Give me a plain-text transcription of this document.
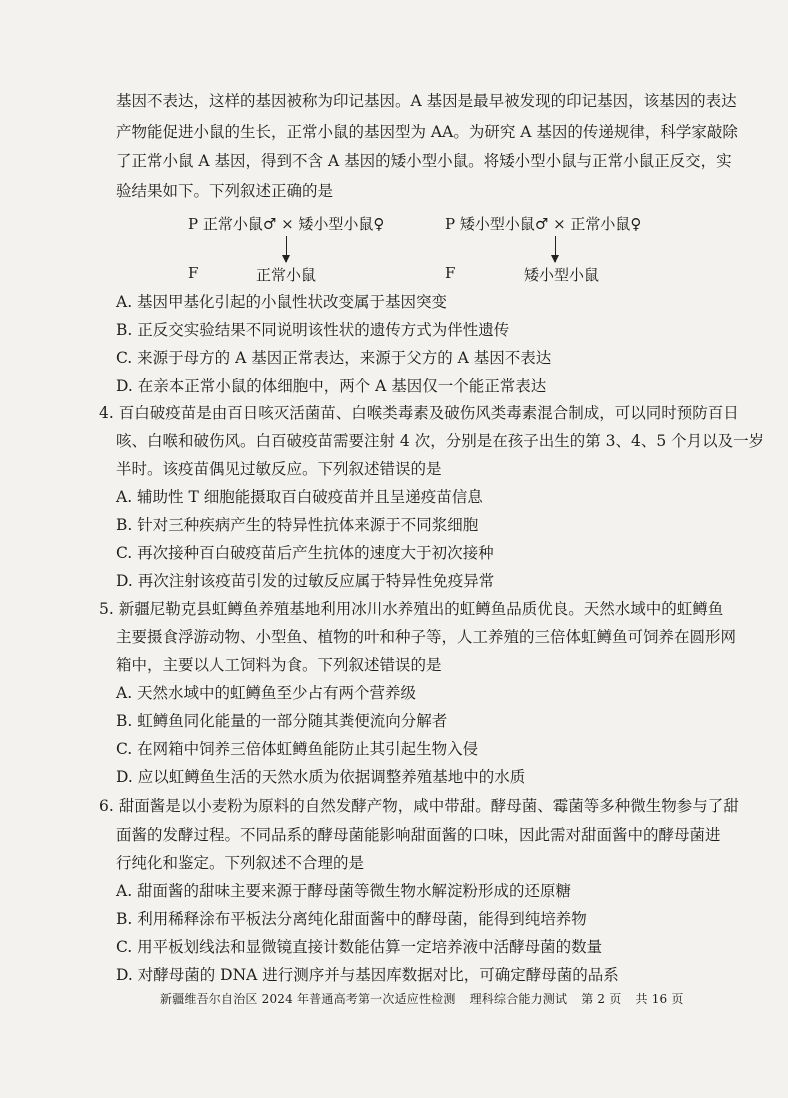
基因不表达，这样的基因被称为印记基因。A 基因是最早被发现的印记基因，该基因的表达
产物能促进小鼠的生长，正常小鼠的基因型为 AA。为研究 A 基因的传递规律，科学家敲除
了正常小鼠 A 基因，得到不含 A 基因的矮小型小鼠。将矮小型小鼠与正常小鼠正反交，实
验结果如下。下列叙述正确的是
P 正常小鼠♂ × 矮小型小鼠♀
F	正常小鼠
P 矮小型小鼠♂ × 正常小鼠♀
F	矮小型小鼠
A. 基因甲基化引起的小鼠性状改变属于基因突变
B. 正反交实验结果不同说明该性状的遗传方式为伴性遗传
C. 来源于母方的 A 基因正常表达，来源于父方的 A 基因不表达
D. 在亲本正常小鼠的体细胞中，两个 A 基因仅一个能正常表达
4. 百白破疫苗是由百日咳灭活菌苗、白喉类毒素及破伤风类毒素混合制成，可以同时预防百日
咳、白喉和破伤风。白百破疫苗需要注射 4 次，分别是在孩子出生的第 3、4、5 个月以及一岁
半时。该疫苗偶见过敏反应。下列叙述错误的是
A. 辅助性 T 细胞能摄取百白破疫苗并且呈递疫苗信息
B. 针对三种疾病产生的特异性抗体来源于不同浆细胞
C. 再次接种百白破疫苗后产生抗体的速度大于初次接种
D. 再次注射该疫苗引发的过敏反应属于特异性免疫异常
5. 新疆尼勒克县虹鳟鱼养殖基地利用冰川水养殖出的虹鳟鱼品质优良。天然水域中的虹鳟鱼
主要摄食浮游动物、小型鱼、植物的叶和种子等，人工养殖的三倍体虹鳟鱼可饲养在圆形网
箱中，主要以人工饲料为食。下列叙述错误的是
A. 天然水域中的虹鳟鱼至少占有两个营养级
B. 虹鳟鱼同化能量的一部分随其粪便流向分解者
C. 在网箱中饲养三倍体虹鳟鱼能防止其引起生物入侵
D. 应以虹鳟鱼生活的天然水质为依据调整养殖基地中的水质
6. 甜面酱是以小麦粉为原料的自然发酵产物，咸中带甜。酵母菌、霉菌等多种微生物参与了甜
面酱的发酵过程。不同品系的酵母菌能影响甜面酱的口味，因此需对甜面酱中的酵母菌进
行纯化和鉴定。下列叙述不合理的是
A. 甜面酱的甜味主要来源于酵母菌等微生物水解淀粉形成的还原糖
B. 利用稀释涂布平板法分离纯化甜面酱中的酵母菌，能得到纯培养物
C. 用平板划线法和显微镜直接计数能估算一定培养液中活酵母菌的数量
D. 对酵母菌的 DNA 进行测序并与基因库数据对比，可确定酵母菌的品系
新疆维吾尔自治区 2024 年普通高考第一次适应性检测 理科综合能力测试 第 2 页 共 16 页
